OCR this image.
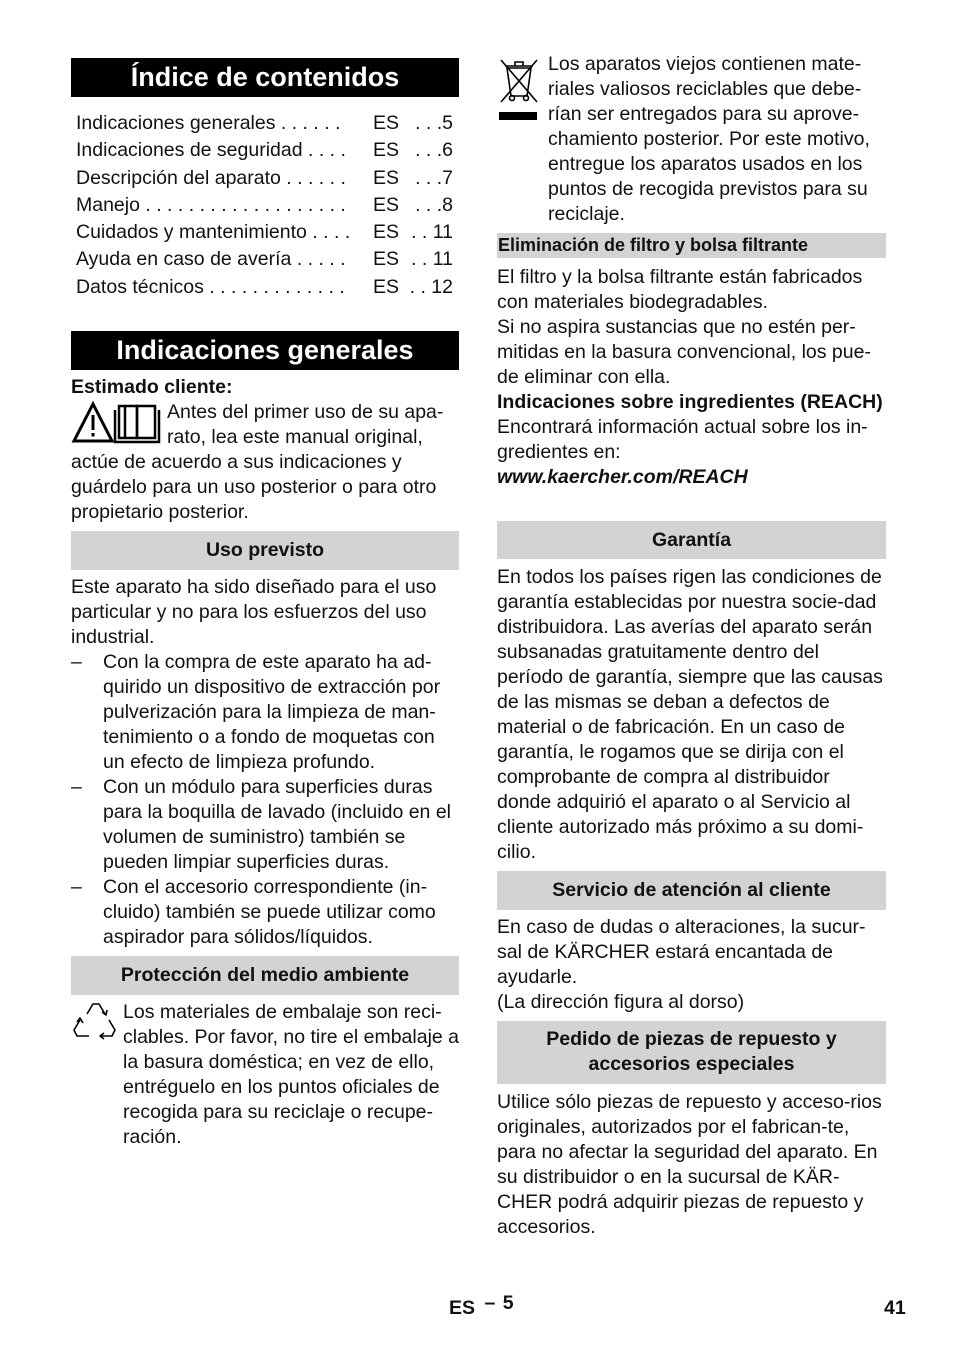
Índice de contenidos
Indicaciones generales . . . . . .	ES . . .5
Indicaciones de seguridad . . . .	ES . . .6
Descripción del aparato . . . . . .	ES . . .7
Manejo . . . . . . . . . . . . . . . . . . .	ES . . .8
Cuidados y mantenimiento . . . .	ES . . 11
Ayuda en caso de avería . . . . .	ES . . 11
Datos técnicos . . . . . . . . . . . . .	ES . . 12
Indicaciones generales

Estimado cliente:

Antes del primer uso de su apa-rato, lea este manual original,

actúe de acuerdo a sus indicaciones y guárdelo para un uso posterior o para otro propietario posterior.

Uso previsto

Este aparato ha sido diseñado para el uso particular y no para los esfuerzos del uso industrial.

–	Con la compra de este aparato ha ad-quirido un dispositivo de extracción por pulverización para la limpieza de man-tenimiento o a fondo de moquetas con un efecto de limpieza profundo.
–	Con un módulo para superficies duras para la boquilla de lavado (incluido en el volumen de suministro) también se pueden limpiar superficies duras.
–	Con el accesorio correspondiente (in-cluido) también se puede utilizar como aspirador para sólidos/líquidos.
Protección del medio ambiente

Los materiales de embalaje son reci-clables. Por favor, no tire el embalaje a la basura doméstica; en vez de ello, entréguelo en los puntos oficiales de recogida para su reciclaje o recupe-ración.

Los aparatos viejos contienen mate-riales valiosos reciclables que debe-rían ser entregados para su aprove-chamiento posterior. Por este motivo, entregue los aparatos usados en los puntos de recogida previstos para su reciclaje.

Eliminación de filtro y bolsa filtrante

El filtro y la bolsa filtrante están fabricados con materiales biodegradables.

Si no aspira sustancias que no estén per-mitidas en la basura convencional, los pue-de eliminar con ella.

Indicaciones sobre ingredientes (REACH)

Encontrará información actual sobre los in-gredientes en:

www.kaercher.com/REACH

Garantía

En todos los países rigen las condiciones de garantía establecidas por nuestra socie-dad distribuidora. Las averías del aparato serán subsanadas gratuitamente dentro del período de garantía, siempre que las causas de las mismas se deban a defectos de material o de fabricación. En un caso de garantía, le rogamos que se dirija con el comprobante de compra al distribuidor donde adquirió el aparato o al Servicio al cliente autorizado más próximo a su domi-cilio.

Servicio de atención al cliente

En caso de dudas o alteraciones, la sucur-sal de KÄRCHER estará encantada de ayudarle.

(La dirección figura al dorso)

Pedido de piezas de repuesto y accesorios especiales

Utilice sólo piezas de repuesto y acceso-rios originales, autorizados por el fabrican-te, para no afectar la seguridad del aparato. En su distribuidor o en la sucursal de KÄR-CHER podrá adquirir piezas de repuesto y accesorios.

ES – 5	41
